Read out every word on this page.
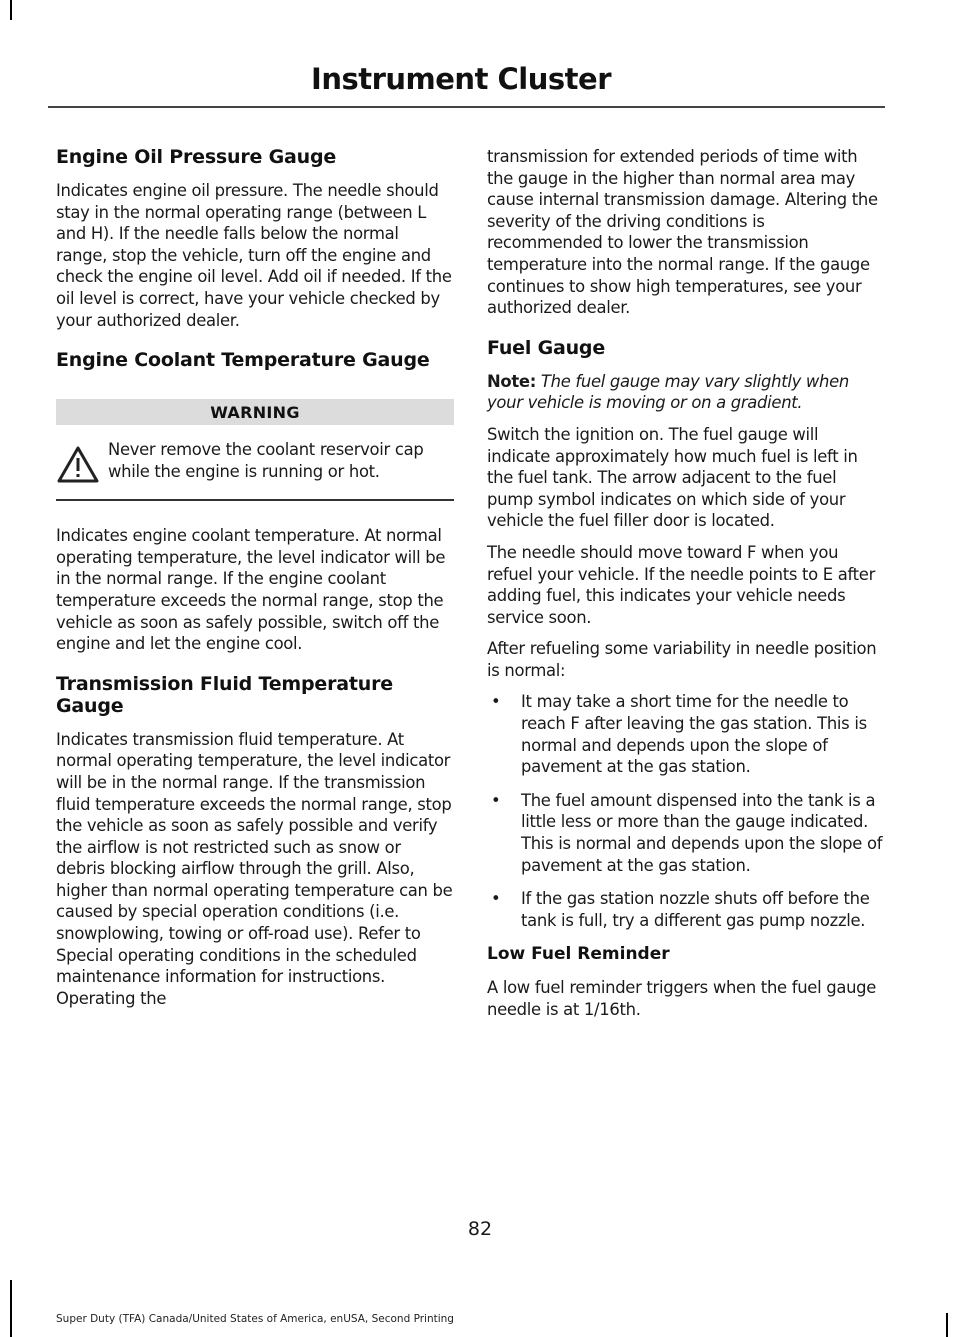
Instrument Cluster
Engine Oil Pressure Gauge

Indicates engine oil pressure. The needle should stay in the normal operating range (between L and H). If the needle falls below the normal range, stop the vehicle, turn off the engine and check the engine oil level. Add oil if needed. If the oil level is correct, have your vehicle checked by your authorized dealer.

Engine Coolant Temperature Gauge
WARNING
Never remove the coolant reservoir cap while the engine is running or hot.

Indicates engine coolant temperature. At normal operating temperature, the level indicator will be in the normal range. If the engine coolant temperature exceeds the normal range, stop the vehicle as soon as safely possible, switch off the engine and let the engine cool.

Transmission Fluid Temperature Gauge

Indicates transmission fluid temperature. At normal operating temperature, the level indicator will be in the normal range. If the transmission fluid temperature exceeds the normal range, stop the vehicle as soon as safely possible and verify the airflow is not restricted such as snow or debris blocking airflow through the grill. Also, higher than normal operating temperature can be caused by special operation conditions (i.e. snowplowing, towing or off-road use). Refer to Special operating conditions in the scheduled maintenance information for instructions. Operating the

transmission for extended periods of time with the gauge in the higher than normal area may cause internal transmission damage. Altering the severity of the driving conditions is recommended to lower the transmission temperature into the normal range. If the gauge continues to show high temperatures, see your authorized dealer.

Fuel Gauge

Note: The fuel gauge may vary slightly when your vehicle is moving or on a gradient.

Switch the ignition on. The fuel gauge will indicate approximately how much fuel is left in the fuel tank. The arrow adjacent to the fuel pump symbol indicates on which side of your vehicle the fuel filler door is located.

The needle should move toward F when you refuel your vehicle. If the needle points to E after adding fuel, this indicates your vehicle needs service soon.

After refueling some variability in needle position is normal:

• It may take a short time for the needle to reach F after leaving the gas station. This is normal and depends upon the slope of pavement at the gas station.
• The fuel amount dispensed into the tank is a little less or more than the gauge indicated. This is normal and depends upon the slope of pavement at the gas station.
• If the gas station nozzle shuts off before the tank is full, try a different gas pump nozzle.
Low Fuel Reminder

A low fuel reminder triggers when the fuel gauge needle is at 1/16th.

82
Super Duty (TFA) Canada/United States of America, enUSA, Second Printing
